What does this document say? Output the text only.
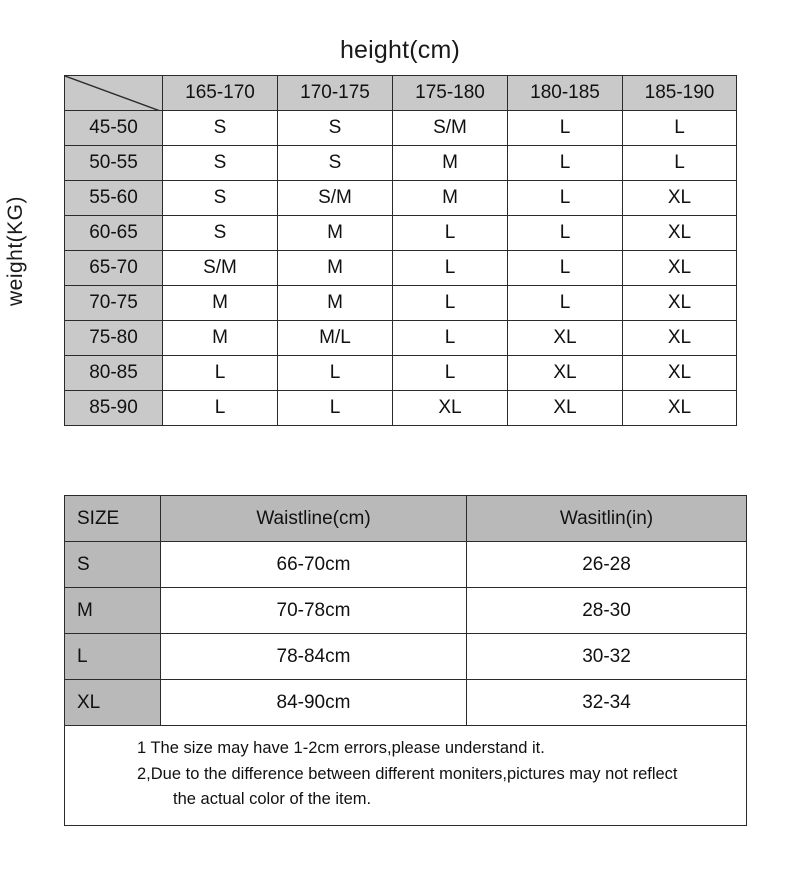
height(cm)
weight(KG)
	165-170	170-175	175-180	180-185	185-190
45-50	S	S	S/M	L	L
50-55	S	S	M	L	L
55-60	S	S/M	M	L	XL
60-65	S	M	L	L	XL
65-70	S/M	M	L	L	XL
70-75	M	M	L	L	XL
75-80	M	M/L	L	XL	XL
80-85	L	L	L	XL	XL
85-90	L	L	XL	XL	XL
SIZE	Waistline(cm)	Wasitlin(in)
S	66-70cm	26-28
M	70-78cm	28-30
L	78-84cm	30-32
XL	84-90cm	32-34

1 The size may have 1-2cm errors,please understand it.
2,Due to the difference between different moniters,pictures may not reflect
the actual color of the item.		
